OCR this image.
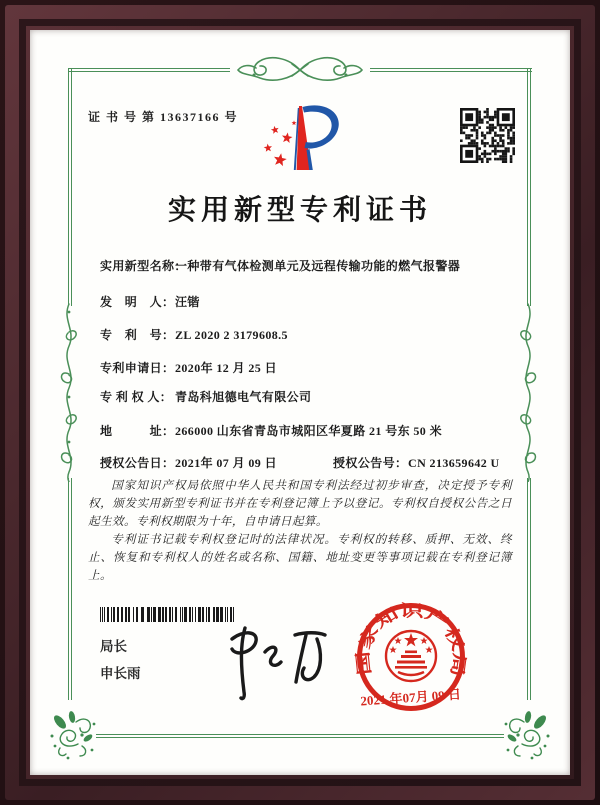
证 书 号 第 13637166 号
实用新型专利证书
实用新型名称：一种带有气体检测单元及远程传输功能的燃气报警器
发　明　人：汪锴
专　利　号：ZL 2020 2 3179608.5
专利申请日：2020年 12 月 25 日
专 利 权 人： 青岛科旭德电气有限公司
地　　　址：266000 山东省青岛市城阳区华夏路 21 号东 50 米
授权公告日：2021年 07 月 09 日	授权公告号：CN 213659642 U

国家知识产权局依照中华人民共和国专利法经过初步审查，决定授予专利权，颁发实用新型专利证书并在专利登记簿上予以登记。专利权自授权公告之日起生效。专利权期限为十年，自申请日起算。

专利证书记载专利权登记时的法律状况。专利权的转移、质押、无效、终止、恢复和专利权人的姓名或名称、国籍、地址变更等事项记载在专利登记簿上。

局长
申长雨	国家知识产权局
2021 年07月 09 日
